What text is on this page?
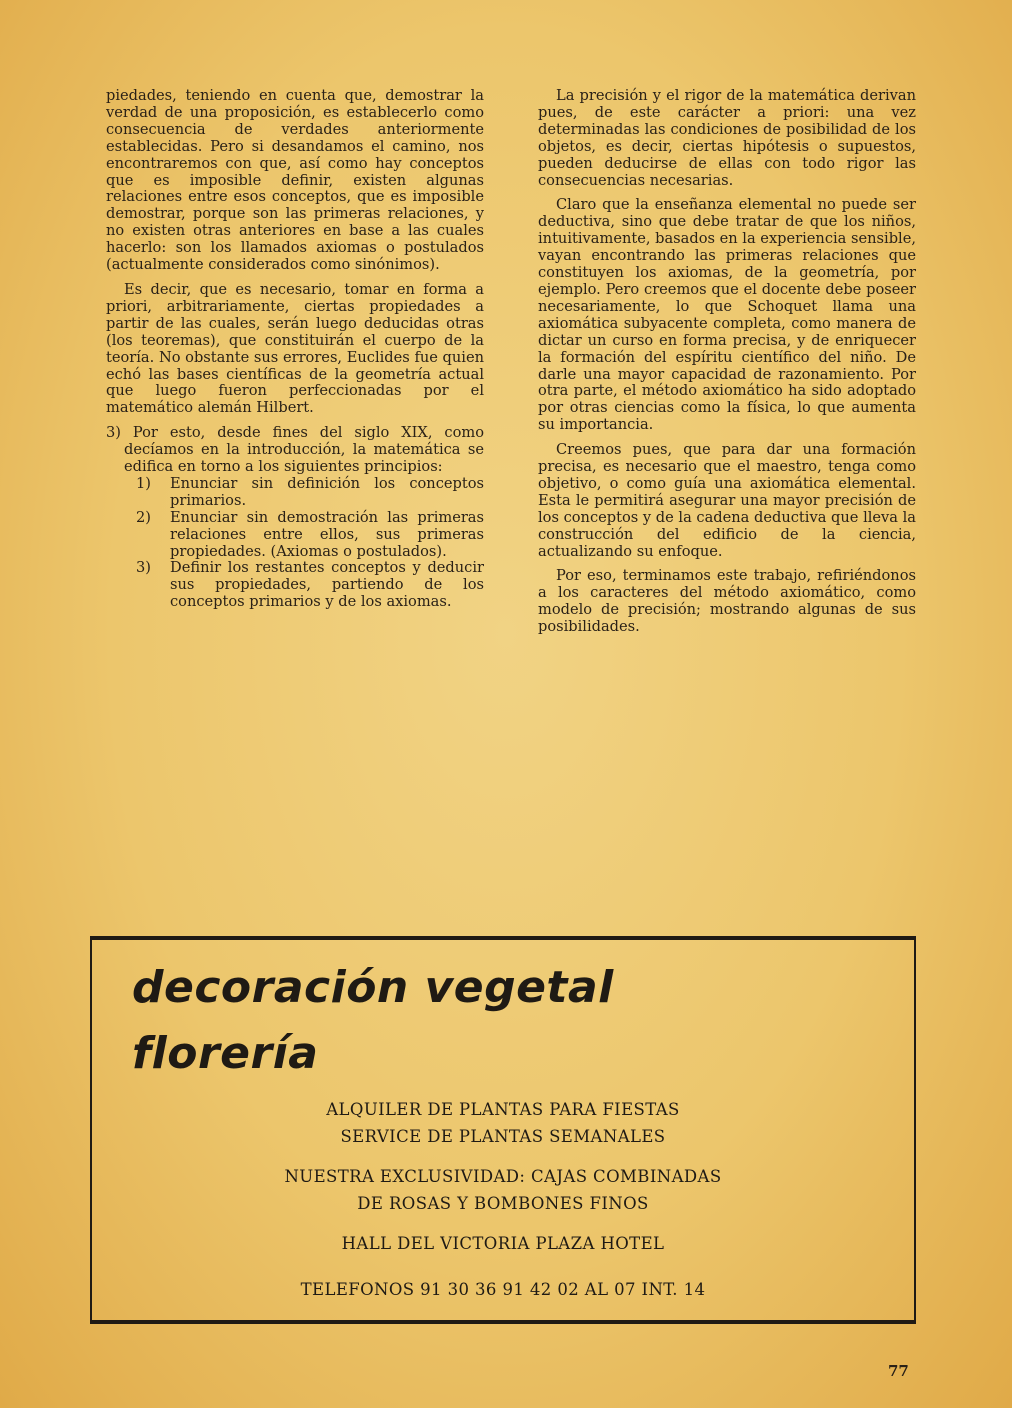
piedades, teniendo en cuenta que, demostrar la verdad de una proposición, es establecerlo como consecuencia de verdades anteriormente establecidas. Pero si desandamos el camino, nos encontraremos con que, así como hay conceptos que es imposible definir, existen algunas relaciones entre esos conceptos, que es imposible demostrar, porque son las primeras relaciones, y no existen otras anteriores en base a las cuales hacerlo: son los llamados axiomas o postulados (actualmente considerados como sinónimos).

Es decir, que es necesario, tomar en forma a priori, arbitrariamente, ciertas propiedades a partir de las cuales, serán luego deducidas otras (los teoremas), que constituirán el cuerpo de la teoría. No obstante sus errores, Euclides fue quien echó las bases científicas de la geometría actual que luego fueron perfeccionadas por el matemático alemán Hilbert.

3) Por esto, desde fines del siglo XIX, como decíamos en la introducción, la matemática se edifica en torno a los siguientes principios:

1)	Enunciar sin definición los conceptos primarios.
2)	Enunciar sin demostración las primeras relaciones entre ellos, sus primeras propiedades. (Axiomas o postulados).
3)	Definir los restantes conceptos y deducir sus propiedades, partiendo de los conceptos primarios y de los axiomas.

La precisión y el rigor de la matemática derivan pues, de este carácter a priori: una vez determinadas las condiciones de posibilidad de los objetos, es decir, ciertas hipótesis o supuestos, pueden deducirse de ellas con todo rigor las consecuencias necesarias.

Claro que la enseñanza elemental no puede ser deductiva, sino que debe tratar de que los niños, intuitivamente, basados en la experiencia sensible, vayan encontrando las primeras relaciones que constituyen los axiomas, de la geometría, por ejemplo. Pero creemos que el docente debe poseer necesariamente, lo que Schoquet llama una axiomática subyacente completa, como manera de dictar un curso en forma precisa, y de enriquecer la formación del espíritu científico del niño. De darle una mayor capacidad de razonamiento. Por otra parte, el método axiomático ha sido adoptado por otras ciencias como la física, lo que aumenta su importancia.

Creemos pues, que para dar una formación precisa, es necesario que el maestro, tenga como objetivo, o como guía una axiomática elemental. Esta le permitirá asegurar una mayor precisión de los conceptos y de la cadena deductiva que lleva la construcción del edificio de la ciencia, actualizando su enfoque.

Por eso, terminamos este trabajo, refiriéndonos a los caracteres del método axiomático, como modelo de precisión; mostrando algunas de sus posibilidades.

decoración vegetal
florería
ALQUILER DE PLANTAS PARA FIESTAS
SERVICE DE PLANTAS SEMANALES
NUESTRA EXCLUSIVIDAD: CAJAS COMBINADAS
DE ROSAS Y BOMBONES FINOS
HALL DEL VICTORIA PLAZA HOTEL
TELEFONOS 91 30 36 91 42 02 AL 07 INT. 14
77
